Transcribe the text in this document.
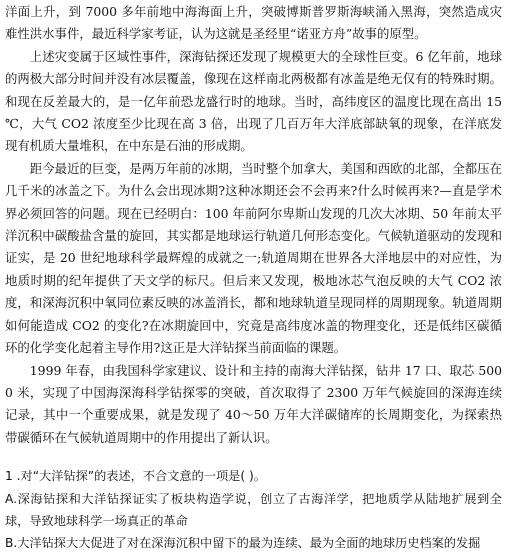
洋面上升，到 7000 多年前地中海海面上升，突破博斯普罗斯海峡涌入黑海，突然造成灾难性洪水事件，最近科学家考证，认为这就是圣经里“诺亚方舟”故事的原型。

上述灾变属于区域性事件，深海钻探还发现了规模更大的全球性巨变。6 亿年前，地球的两极大部分时间并没有冰层覆盖，像现在这样南北两极都有冰盖是绝无仅有的特殊时期。和现在反差最大的，是一亿年前恐龙盛行时的地球。当时，高纬度区的温度比现在高出 15 ℃，大气 CO2 浓度至少比现在高 3 倍，出现了几百万年大洋底部缺氧的现象，在洋底发现有机质大量堆积，在中东是石油的形成期。

距今最近的巨变，是两万年前的冰期，当时整个加拿大，美国和西欧的北部，全都压在几千米的冰盖之下。为什么会出现冰期?这种冰期还会不会再来?什么时候再来?—直是学术界必须回答的问题。现在已经明白：100 年前阿尔卑斯山发现的几次大冰期、50 年前太平洋沉积中碳酸盐含量的旋回，其实都是地球运行轨道几何形态变化。气候轨道驱动的发现和证实，是 20 世纪地球科学最辉煌的成就之一;轨道周期在世界各大洋地层中的对应性，为地质时期的纪年提供了天文学的标尺。但后来又发现，极地冰芯气泡反映的大气 CO2 浓度，和深海沉积中氧同位素反映的冰盖消长，都和地球轨道呈现同样的周期现象。轨道周期如何能造成 CO2 的变化?在冰期旋回中，究竟是高纬度冰盖的物理变化，还是低纬区碳循环的化学变化起着主导作用?这正是大洋钻探当前面临的课题。

1999 年春，由我国科学家建议、设计和主持的南海大洋钻探，钻井 17 口、取芯 5000 米，实现了中国海深海科学钻探零的突破，首次取得了 2300 万年气候旋回的深海连续记录，其中一个重要成果，就是发现了 40～50 万年大洋碳储库的长周期变化，为探索热带碳循环在气候轨道周期中的作用提出了新认识。

1 .对“大洋钻探”的表述，不合文意的一项是( )。

A.深海钻探和大洋钻探证实了板块构造学说，创立了古海洋学，把地质学从陆地扩展到全球，导致地球科学一场真正的革命

B.大洋钻探大大促进了对在深海沉积中留下的最为连续、最为全面的地球历史档案的发掘
